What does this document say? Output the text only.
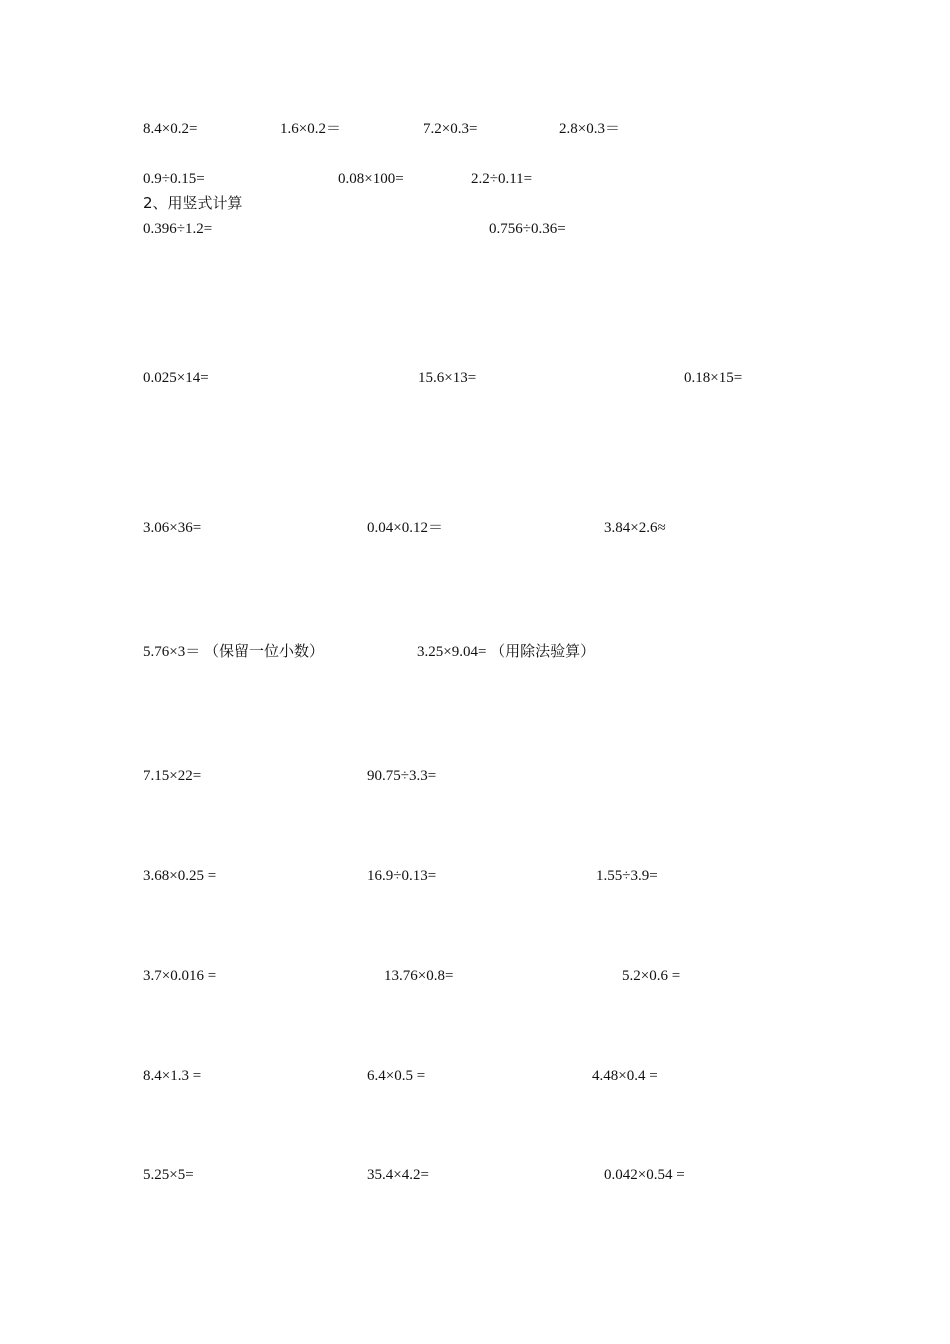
8.4×0.2=	1.6×0.2＝	7.2×0.3=	2.8×0.3＝
0.9÷0.15=	0.08×100=	2.2÷0.11=
2、用竖式计算
0.396÷1.2=	0.756÷0.36=
0.025×14=	15.6×13=	0.18×15=
3.06×36=	0.04×0.12＝	3.84×2.6≈
5.76×3＝ （保留一位小数）	3.25×9.04= （用除法验算）
7.15×22=	90.75÷3.3=
3.68×0.25 =	16.9÷0.13=	1.55÷3.9=
3.7×0.016 =	13.76×0.8=	5.2×0.6 =
8.4×1.3 =	6.4×0.5 =	4.48×0.4 =
5.25×5=	35.4×4.2=	0.042×0.54 =
